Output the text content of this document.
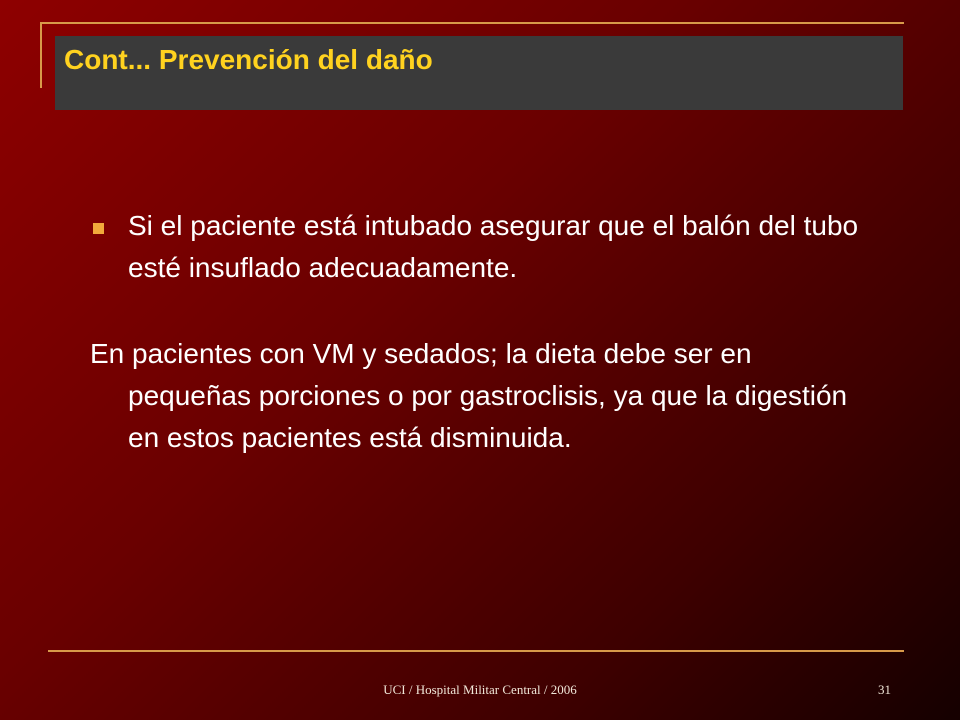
Cont... Prevención del daño
Si el paciente está intubado asegurar que el balón del tubo esté insuflado adecuadamente.

En pacientes con VM y sedados; la dieta debe ser en pequeñas porciones o por gastroclisis, ya que la digestión en estos pacientes está disminuida.

UCI / Hospital Militar Central / 2006	31
